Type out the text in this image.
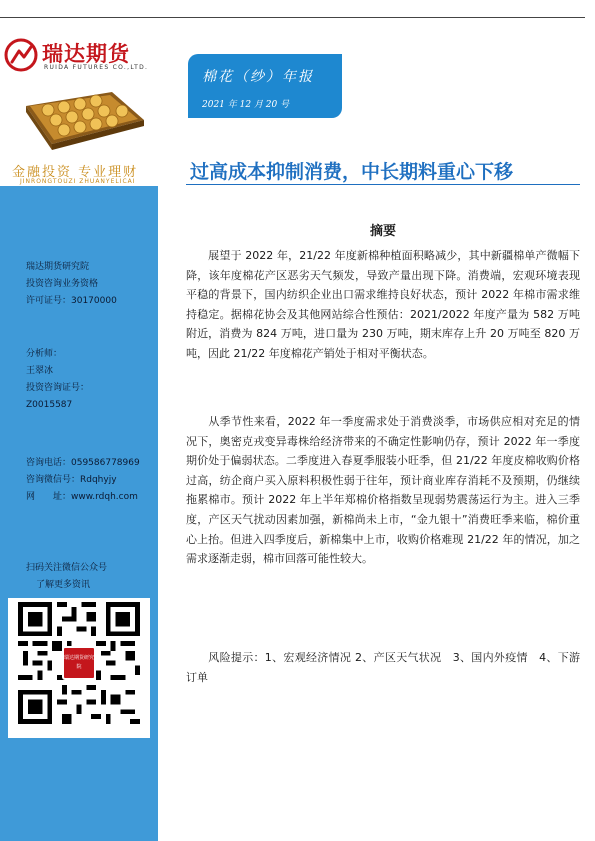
瑞达期货
RUIDA FUTURES CO.,LTD.
金融投资 专业理财
JINRONGTOUZI ZHUANYELICAI
棉花（纱）年报
2021 年 12 月 20 号
过高成本抑制消费，中长期料重心下移
摘要
展望于 2022 年，21/22 年度新棉种植面积略减少，其中新疆棉单产微幅下降，该年度棉花产区恶劣天气频发，导致产量出现下降。消费端，宏观环境表现平稳的背景下，国内纺织企业出口需求维持良好状态，预计 2022 年棉市需求维持稳定。据棉花协会及其他网站综合性预估：2021/2022 年度产量为 582 万吨附近，消费为 824 万吨，进口量为 230 万吨，期末库存上升 20 万吨至 820 万吨，因此 21/22 年度棉花产销处于相对平衡状态。
从季节性来看，2022 年一季度需求处于消费淡季，市场供应相对充足的情况下，奥密克戎变异毒株给经济带来的不确定性影响仍存，预计 2022 年一季度期价处于偏弱状态。二季度进入春夏季服装小旺季，但 21/22 年度皮棉收购价格过高，纺企商户买入原料积极性弱于往年，预计商业库存消耗不及预期，仍继续拖累棉市。预计 2022 年上半年郑棉价格指数呈现弱势震荡运行为主。进入三季度，产区天气扰动因素加强，新棉尚未上市，“金九银十”消费旺季来临，棉价重心上抬。但进入四季度后，新棉集中上市，收购价格难现 21/22 年的情况，加之需求逐渐走弱，棉市回落可能性较大。
风险提示：1、宏观经济情况 2、产区天气状况　3、国内外疫情　4、下游订单
瑞达期货研究院
投资咨询业务资格
许可证号：30170000
分析师：
王翠冰
投资咨询证号：
Z0015587
咨询电话：059586778969
咨询微信号：Rdqhyjy
网　　址：www.rdqh.com
扫码关注微信公众号
了解更多资讯
瑞达期货研究院
